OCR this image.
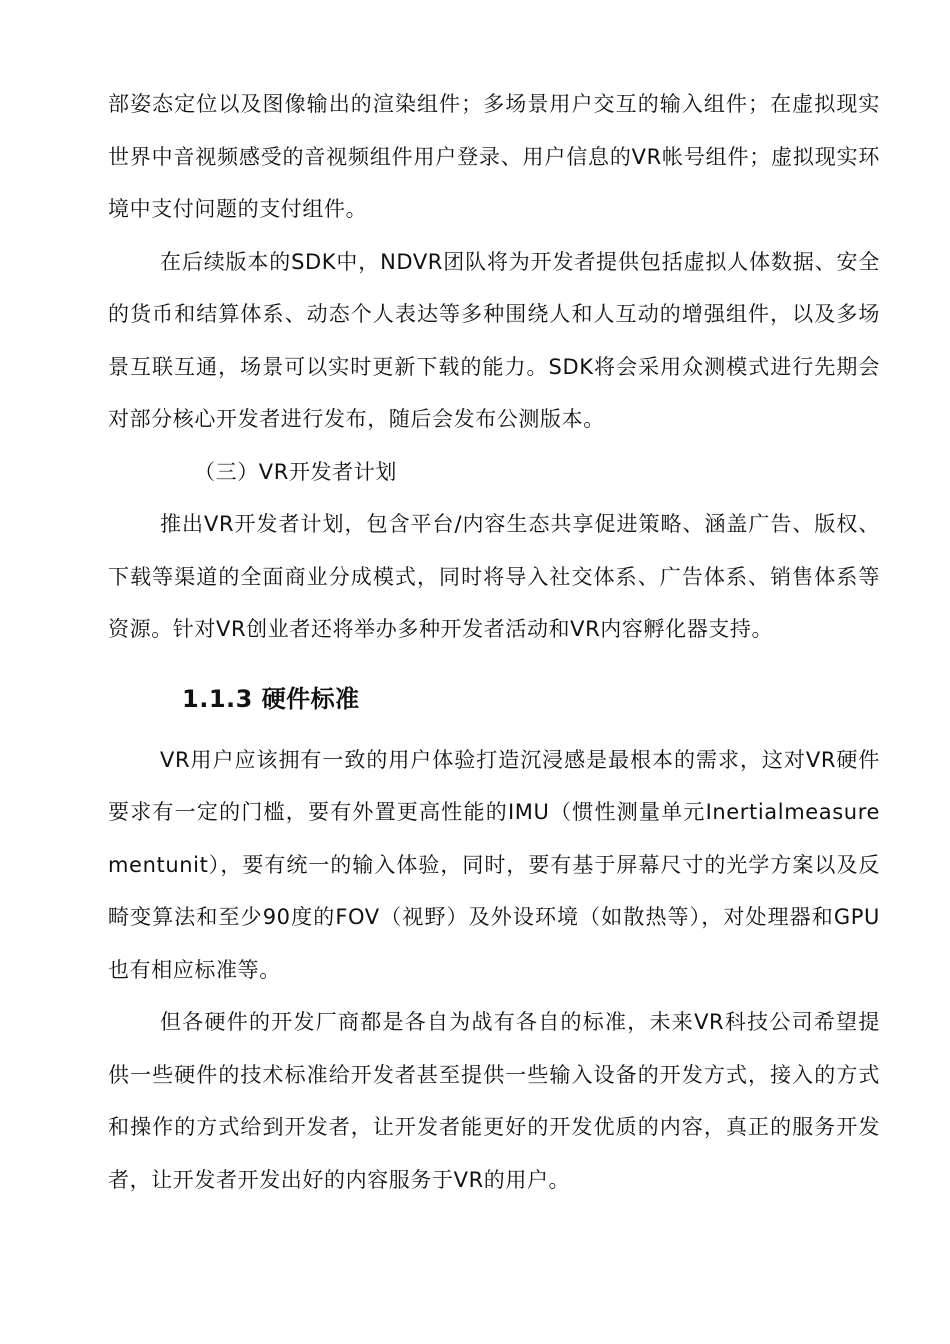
部姿态定位以及图像输出的渲染组件；多场景用户交互的输入组件；在虚拟现实世界中音视频感受的音视频组件用户登录、用户信息的VR帐号组件；虚拟现实环境中支付问题的支付组件。

在后续版本的SDK中，NDVR团队将为开发者提供包括虚拟人体数据、安全的货币和结算体系、动态个人表达等多种围绕人和人互动的增强组件，以及多场景互联互通，场景可以实时更新下载的能力。SDK将会采用众测模式进行先期会对部分核心开发者进行发布，随后会发布公测版本。

（三）VR开发者计划

推出VR开发者计划，包含平台/内容生态共享促进策略、涵盖广告、版权、下载等渠道的全面商业分成模式，同时将导入社交体系、广告体系、销售体系等资源。针对VR创业者还将举办多种开发者活动和VR内容孵化器支持。

1.1.3 硬件标准

VR用户应该拥有一致的用户体验打造沉浸感是最根本的需求，这对VR硬件要求有一定的门槛，要有外置更高性能的IMU（惯性测量单元Inertialmeasurementunit），要有统一的输入体验，同时，要有基于屏幕尺寸的光学方案以及反畸变算法和至少90度的FOV（视野）及外设环境（如散热等），对处理器和GPU也有相应标准等。

但各硬件的开发厂商都是各自为战有各自的标准，未来VR科技公司希望提供一些硬件的技术标准给开发者甚至提供一些输入设备的开发方式，接入的方式和操作的方式给到开发者，让开发者能更好的开发优质的内容，真正的服务开发者，让开发者开发出好的内容服务于VR的用户。
